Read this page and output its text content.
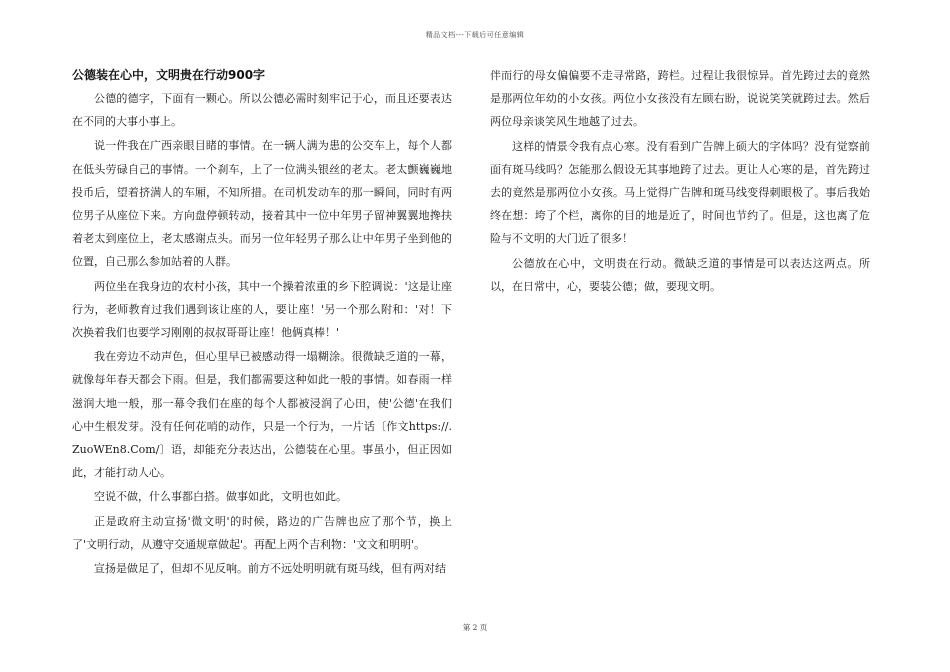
精品文档---下载后可任意编辑
公德装在心中，文明贵在行动900字

公德的德字，下面有一颗心。所以公德必需时刻牢记于心，而且还要表达在不同的大事小事上。

说一件我在广西亲眼目睹的事情。在一辆人满为患的公交车上，每个人都在低头劳碌自己的事情。一个刹车，上了一位满头银丝的老太。老太颤巍巍地投币后，望着挤满人的车厢，不知所措。在司机发动车的那一瞬间，同时有两位男子从座位下来。方向盘停顿转动，接着其中一位中年男子留神翼翼地搀扶着老太到座位上，老太感谢点头。而另一位年轻男子那么让中年男子坐到他的位置，自己那么参加站着的人群。

两位坐在我身边的农村小孩，其中一个操着浓重的乡下腔调说：'这是让座行为，老师教育过我们遇到该让座的人，要让座！'另一个那么附和：'对！下次换着我们也要学习刚刚的叔叔哥哥让座！他俩真棒！'

我在旁边不动声色，但心里早已被感动得一塌糊涂。很微缺乏道的一幕，就像每年春天都会下雨。但是，我们都需要这种如此一般的事情。如春雨一样滋润大地一般，那一幕令我们在座的每个人都被浸润了心田，使'公德'在我们心中生根发芽。没有任何花哨的动作，只是一个行为，一片话〔作文https://.ZuoWEn8.Com/〕语，却能充分表达出，公德装在心里。事虽小，但正因如此，才能打动人心。

空说不做，什么事都白搭。做事如此，文明也如此。

正是政府主动宣扬'微文明'的时候，路边的广告牌也应了那个节，换上了'文明行动，从遵守交通规章做起'。再配上两个吉利物：'文文和明明'。

宣扬是做足了，但却不见反响。前方不远处明明就有斑马线，但有两对结

伴而行的母女偏偏要不走寻常路，跨栏。过程让我很惊异。首先跨过去的竟然是那两位年幼的小女孩。两位小女孩没有左顾右盼，说说笑笑就跨过去。然后两位母亲谈笑风生地越了过去。

这样的情景令我有点心寒。没有看到广告牌上硕大的字体吗？没有觉察前面有斑马线吗？怎能那么假设无其事地跨了过去。更让人心寒的是，首先跨过去的竟然是那两位小女孩。马上觉得广告牌和斑马线变得刺眼极了。事后我始终在想：垮了个栏，离你的目的地是近了，时间也节约了。但是，这也离了危险与不文明的大门近了很多！

公德放在心中，文明贵在行动。微缺乏道的事情是可以表达这两点。所以，在日常中，心，要装公德；做，要现文明。

第 2 页
